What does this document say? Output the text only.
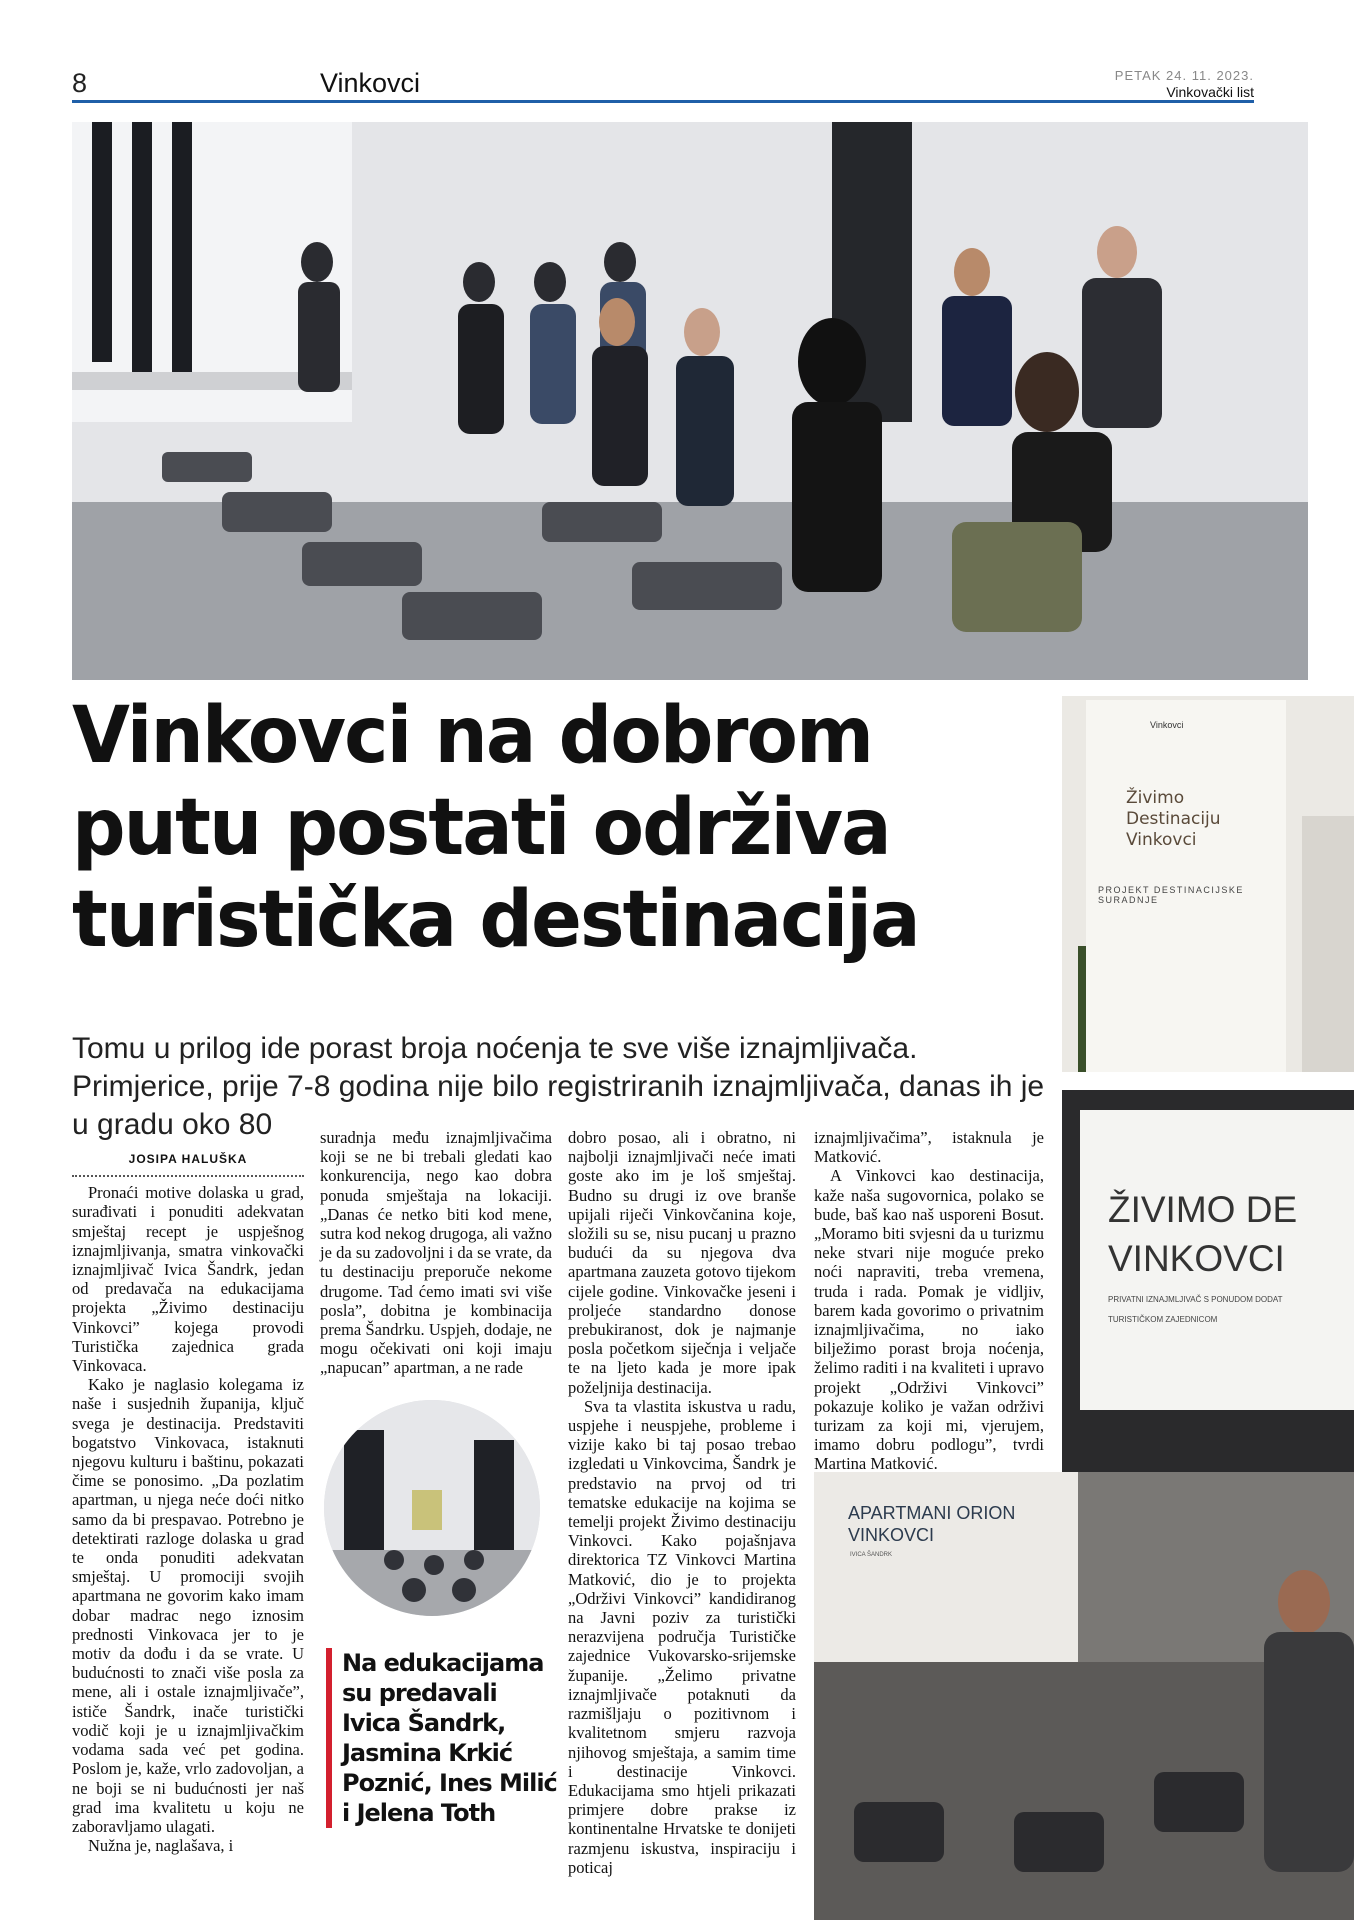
8	Vinkovci	PETAK 24. 11. 2023.
Vinkovački list
Vinkovci na dobrom putu postati održiva turistička destinacija
Tomu u prilog ide porast broja noćenja te sve više iznajmljivača. Primjerice, prije 7-8 godina nije bilo registriranih iznajmljivača, danas ih je u gradu oko 80
Vinkovci
Živimo Destinaciju Vinkovci
PROJEKT DESTINACIJSKE SURADNJE
ŽIVIMO DE VINKOVCI
PRIVATNI IZNAJMLJIVAČ S PONUDOM DODAT
TURISTIČKOM ZAJEDNICOM
APARTMANI ORION VINKOVCI
IVICA ŠANDRK
JOSIPA HALUŠKA

Pronaći motive dolaska u grad, surađivati i ponuditi adekvatan smještaj recept je uspješnog iznajmljivanja, smatra vinkovački iznajmljivač Ivica Šandrk, jedan od predavača na edukacijama projekta „Živimo destinaciju Vinkovci” kojega provodi Turistička zajednica grada Vinkovaca.

Kako je naglasio kolegama iz naše i susjednih županija, ključ svega je destinacija. Predstaviti bogatstvo Vinkovaca, istaknuti njegovu kulturu i baštinu, pokazati čime se ponosimo. „Da pozlatim apartman, u njega neće doći nitko samo da bi prespavao. Potrebno je detektirati razloge dolaska u grad te onda ponuditi adekvatan smještaj. U promociji svojih apartmana ne govorim kako imam dobar madrac nego iznosim prednosti Vinkovaca jer to je motiv da dođu i da se vrate. U budućnosti to znači više posla za mene, ali i ostale iznajmljivače”, ističe Šandrk, inače turistički vodič koji je u iznajmljivačkim vodama sada već pet godina. Poslom je, kaže, vrlo zadovoljan, a ne boji se ni budućnosti jer naš grad ima kvalitetu u koju ne zaboravljamo ulagati.

Nužna je, naglašava, i

suradnja među iznajmljivačima koji se ne bi trebali gledati kao konkurencija, nego kao dobra ponuda smještaja na lokaciji. „Danas će netko biti kod mene, sutra kod nekog drugoga, ali važno je da su zadovoljni i da se vrate, da tu destinaciju preporuče nekome drugome. Tad ćemo imati svi više posla”, dobitna je kombinacija prema Šandrku. Uspjeh, dodaje, ne mogu očekivati oni koji imaju „napucan” apartman, a ne rade

Na edukacijama su predavali Ivica Šandrk, Jasmina Krkić Poznić, Ines Milić i Jelena Toth

dobro posao, ali i obratno, ni najbolji iznajmljivači neće imati goste ako im je loš smještaj. Budno su drugi iz ove branše upijali riječi Vinkovčanina koje, složili su se, nisu pucanj u prazno budući da su njegova dva apartmana zauzeta gotovo tijekom cijele godine. Vinkovačke jeseni i proljeće standardno donose prebukiranost, dok je najmanje posla početkom siječnja i veljače te na ljeto kada je more ipak poželjnija destinacija.

Sva ta vlastita iskustva u radu, uspjehe i neuspjehe, probleme i vizije kako bi taj posao trebao izgledati u Vinkovcima, Šandrk je predstavio na prvoj od tri tematske edukacije na kojima se temelji projekt Živimo destinaciju Vinkovci. Kako pojašnjava direktorica TZ Vinkovci Martina Matković, dio je to projekta „Održivi Vinkovci” kandidiranog na Javni poziv za turistički nerazvijena područja Turističke zajednice Vukovarsko-srijemske županije. „Želimo privatne iznajmljivače potaknuti da razmišljaju o pozitivnom i kvalitetnom smjeru razvoja njihovog smještaja, a samim time i destinacije Vinkovci. Edukacijama smo htjeli prikazati primjere dobre prakse iz kontinentalne Hrvatske te donijeti razmjenu iskustva, inspiraciju i poticaj

iznajmljivačima”, istaknula je Matković.

A Vinkovci kao destinacija, kaže naša sugovornica, polako se bude, baš kao naš usporeni Bosut. „Moramo biti svjesni da u turizmu neke stvari nije moguće preko noći napraviti, treba vremena, truda i rada. Pomak je vidljiv, barem kada govorimo o privatnim iznajmljivačima, no iako bilježimo porast broja noćenja, želimo raditi i na kvaliteti i upravo projekt „Održivi Vinkovci” pokazuje koliko je važan održivi turizam za koji mi, vjerujem, imamo dobru podlogu”, tvrdi Martina Matković.
